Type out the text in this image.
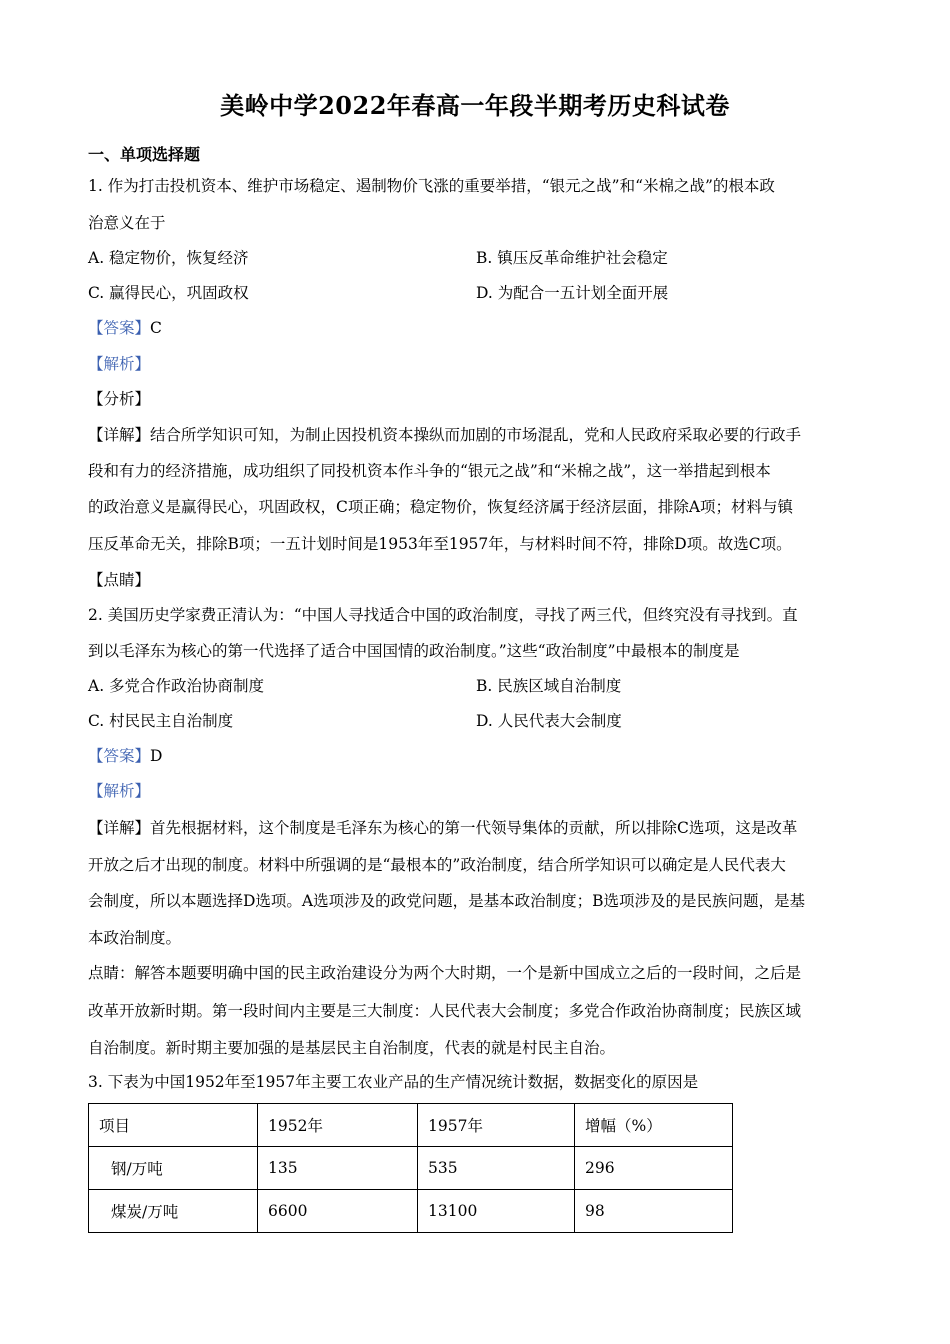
美岭中学2022年春高一年段半期考历史科试卷
一、单项选择题
1. 作为打击投机资本、维护市场稳定、遏制物价飞涨的重要举措，“银元之战”和“米棉之战”的根本政
治意义在于
A. 稳定物价，恢复经济	B. 镇压反革命维护社会稳定
C. 赢得民心，巩固政权	D. 为配合一五计划全面开展
【答案】C
【解析】
【分析】
【详解】结合所学知识可知，为制止因投机资本操纵而加剧的市场混乱，党和人民政府采取必要的行政手
段和有力的经济措施，成功组织了同投机资本作斗争的“银元之战”和“米棉之战”，这一举措起到根本
的政治意义是赢得民心，巩固政权，C项正确；稳定物价，恢复经济属于经济层面，排除A项；材料与镇
压反革命无关，排除B项；一五计划时间是1953年至1957年，与材料时间不符，排除D项。故选C项。
【点睛】
2. 美国历史学家费正清认为：“中国人寻找适合中国的政治制度，寻找了两三代，但终究没有寻找到。直
到以毛泽东为核心的第一代选择了适合中国国情的政治制度。”这些“政治制度”中最根本的制度是
A. 多党合作政治协商制度	B. 民族区域自治制度
C. 村民民主自治制度	D. 人民代表大会制度
【答案】D
【解析】
【详解】首先根据材料，这个制度是毛泽东为核心的第一代领导集体的贡献，所以排除C选项，这是改革
开放之后才出现的制度。材料中所强调的是“最根本的”政治制度，结合所学知识可以确定是人民代表大
会制度，所以本题选择D选项。A选项涉及的政党问题，是基本政治制度；B选项涉及的是民族问题，是基
本政治制度。
点睛：解答本题要明确中国的民主政治建设分为两个大时期，一个是新中国成立之后的一段时间，之后是
改革开放新时期。第一段时间内主要是三大制度：人民代表大会制度；多党合作政治协商制度；民族区域
自治制度。新时期主要加强的是基层民主自治制度，代表的就是村民主自治。
3. 下表为中国1952年至1957年主要工农业产品的生产情况统计数据，数据变化的原因是
项目	1952年	1957年	增幅（%）
钢/万吨	135	535	296
煤炭/万吨	6600	13100	98
